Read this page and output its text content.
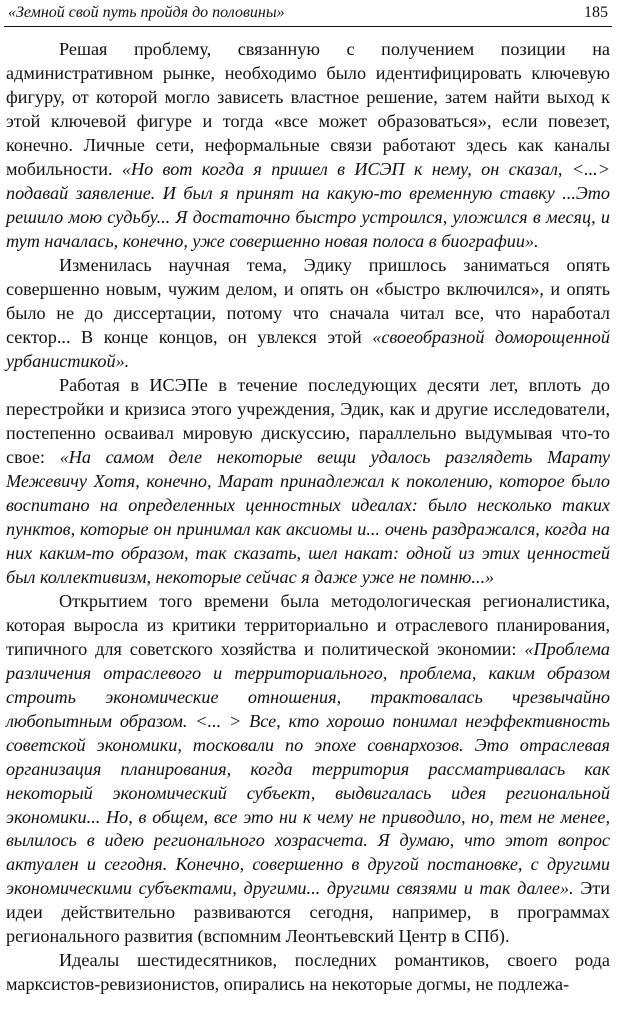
«Земной свой путь пройдя до половины»	185

Решая проблему, связанную с получением позиции на административном рынке, необходимо было идентифицировать ключевую фигуру, от которой могло зависеть властное решение, затем найти выход к этой ключевой фигуре и тогда «все может образоваться», если повезет, конечно. Личные сети, неформальные связи работают здесь как каналы мобильности. «Но вот когда я пришел в ИСЭП к нему, он сказал, <...> подавай заявление. И был я принят на какую-то временную ставку ...Это решило мою судьбу... Я достаточно быстро устроился, уложился в месяц, и тут началась, конечно, уже совершенно новая полоса в биографии».

Изменилась научная тема, Эдику пришлось заниматься опять совершенно новым, чужим делом, и опять он «быстро включился», и опять было не до диссертации, потому что сначала читал все, что наработал сектор... В конце концов, он увлекся этой «своеобразной доморощенной урбанистикой».

Работая в ИСЭПе в течение последующих десяти лет, вплоть до перестройки и кризиса этого учреждения, Эдик, как и другие исследователи, постепенно осваивал мировую дискуссию, параллельно выдумывая что-то свое: «На самом деле некоторые вещи удалось разглядеть Марату Межевичу Хотя, конечно, Марат принадлежал к поколению, которое было воспитано на определенных ценностных идеалах: было несколько таких пунктов, которые он принимал как аксиомы и... очень раздражался, когда на них каким-то образом, так сказать, шел накат: одной из этих ценностей был коллективизм, некоторые сейчас я даже уже не помню...»

Открытием того времени была методологическая регионалистика, которая выросла из критики территориально и отраслевого планирования, типичного для советского хозяйства и политической экономии: «Проблема различения отраслевого и территориального, проблема, каким образом строить экономические отношения, трактовалась чрезвычайно любопытным образом. <... > Все, кто хорошо понимал неэффективность советской экономики, тосковали по эпохе совнархозов. Это отраслевая организация планирования, когда территория рассматривалась как некоторый экономический субъект, выдвигалась идея региональной экономики... Но, в общем, все это ни к чему не приводило, но, тем не менее, вылилось в идею регионального хозрасчета. Я думаю, что этот вопрос актуален и сегодня. Конечно, совершенно в другой постановке, с другими экономическими субъектами, другими... другими связями и так далее». Эти идеи действительно развиваются сегодня, например, в программах регионального развития (вспомним Леонтьевский Центр в СПб).

Идеалы шестидесятников, последних романтиков, своего рода марксистов-ревизионистов, опирались на некоторые догмы, не подлежа-
